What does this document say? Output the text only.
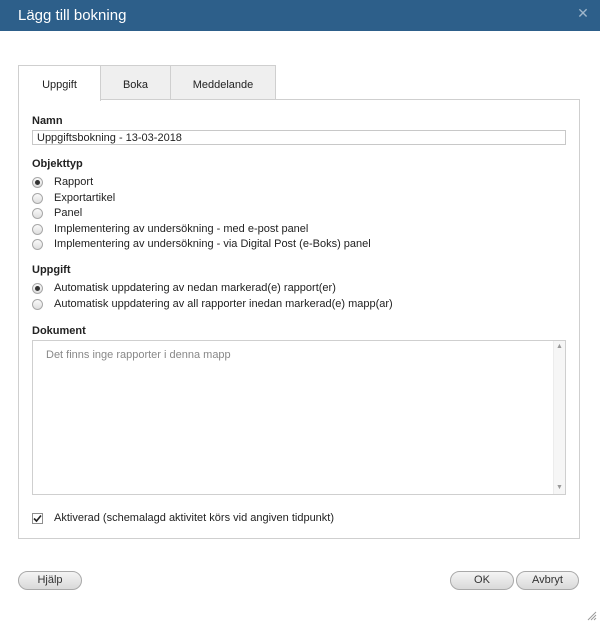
Lägg till bokning	✕
Uppgift	Boka	Meddelande
Namn
Uppgiftsbokning - 13-03-2018
Objekttyp
Rapport
Exportartikel
Panel
Implementering av undersökning - med e-post panel
Implementering av undersökning - via Digital Post (e-Boks) panel
Uppgift
Automatisk uppdatering av nedan markerad(e) rapport(er)
Automatisk uppdatering av all rapporter inedan markerad(e) mapp(ar)
Dokument
Det finns inge rapporter i denna mapp
▲
▼
Aktiverad (schemalagd aktivitet körs vid angiven tidpunkt)
Hjälp	OK	Avbryt
